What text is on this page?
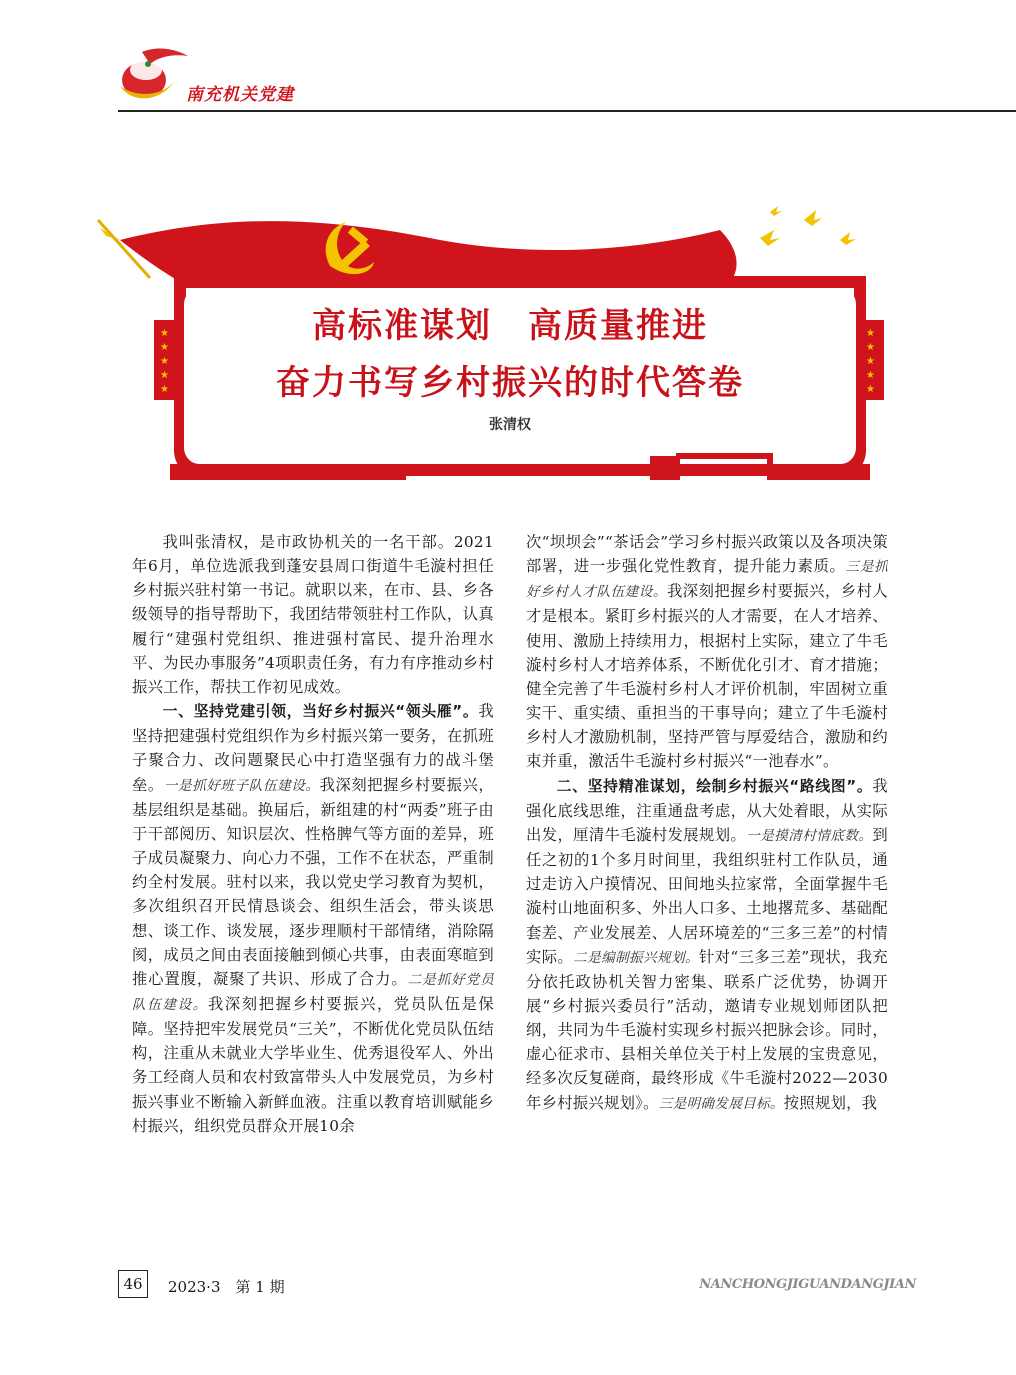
南充机关党建
★
★
★
★
★
★
★
★
★
★
高标准谋划　高质量推进
奋力书写乡村振兴的时代答卷

张清权

我叫张清权，是市政协机关的一名干部。2021年6月，单位选派我到蓬安县周口街道牛毛漩村担任乡村振兴驻村第一书记。就职以来，在市、县、乡各级领导的指导帮助下，我团结带领驻村工作队，认真履行“建强村党组织、推进强村富民、提升治理水平、为民办事服务”4项职责任务，有力有序推动乡村振兴工作，帮扶工作初见成效。

一、坚持党建引领，当好乡村振兴“领头雁”。我坚持把建强村党组织作为乡村振兴第一要务，在抓班子聚合力、改问题聚民心中打造坚强有力的战斗堡垒。一是抓好班子队伍建设。我深刻把握乡村要振兴，基层组织是基础。换届后，新组建的村“两委”班子由于干部阅历、知识层次、性格脾气等方面的差异，班子成员凝聚力、向心力不强，工作不在状态，严重制约全村发展。驻村以来，我以党史学习教育为契机，多次组织召开民情恳谈会、组织生活会，带头谈思想、谈工作、谈发展，逐步理顺村干部情绪，消除隔阂，成员之间由表面接触到倾心共事，由表面寒暄到推心置腹，凝聚了共识、形成了合力。二是抓好党员队伍建设。我深刻把握乡村要振兴，党员队伍是保障。坚持把牢发展党员“三关”，不断优化党员队伍结构，注重从未就业大学毕业生、优秀退役军人、外出务工经商人员和农村致富带头人中发展党员，为乡村振兴事业不断输入新鲜血液。注重以教育培训赋能乡村振兴，组织党员群众开展10余

次“坝坝会”“茶话会”学习乡村振兴政策以及各项决策部署，进一步强化党性教育，提升能力素质。三是抓好乡村人才队伍建设。我深刻把握乡村要振兴，乡村人才是根本。紧盯乡村振兴的人才需要，在人才培养、使用、激励上持续用力，根据村上实际，建立了牛毛漩村乡村人才培养体系，不断优化引才、育才措施；健全完善了牛毛漩村乡村人才评价机制，牢固树立重实干、重实绩、重担当的干事导向；建立了牛毛漩村乡村人才激励机制，坚持严管与厚爱结合，激励和约束并重，激活牛毛漩村乡村振兴“一池春水”。

二、坚持精准谋划，绘制乡村振兴“路线图”。我强化底线思维，注重通盘考虑，从大处着眼，从实际出发，厘清牛毛漩村发展规划。一是摸清村情底数。到任之初的1个多月时间里，我组织驻村工作队员，通过走访入户摸情况、田间地头拉家常，全面掌握牛毛漩村山地面积多、外出人口多、土地撂荒多、基础配套差、产业发展差、人居环境差的“三多三差”的村情实际。二是编制振兴规划。针对“三多三差”现状，我充分依托政协机关智力密集、联系广泛优势，协调开展“乡村振兴委员行”活动，邀请专业规划师团队把纲，共同为牛毛漩村实现乡村振兴把脉会诊。同时，虚心征求市、县相关单位关于村上发展的宝贵意见，经多次反复磋商，最终形成《牛毛漩村2022—2030年乡村振兴规划》。三是明确发展目标。按照规划，我

46	2023·3　第 1 期	NANCHONGJIGUANDANGJIAN
